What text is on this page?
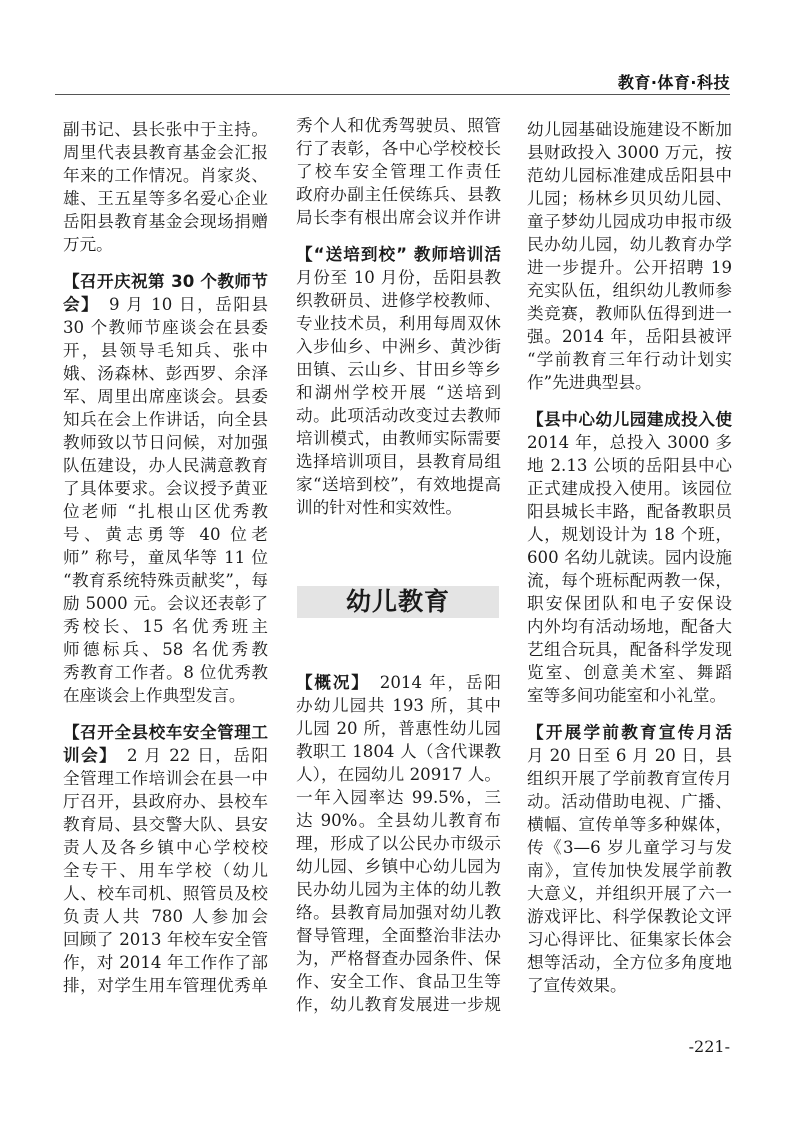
教育·体育·科技
副书记、县长张中于主持。
周里代表县教育基金会汇报
年来的工作情况。肖家炎、
雄、王五星等多名爱心企业
岳阳县教育基金会现场捐赠
万元。
【召开庆祝第 30 个教师节
会】　9 月 10 日，岳阳县
30 个教师节座谈会在县委
开，县领导毛知兵、张中
娥、汤森林、彭西罗、余泽
军、周里出席座谈会。县委
知兵在会上作讲话，向全县
教师致以节日问候，对加强
队伍建设，办人民满意教育
了具体要求。会议授予黄亚
位老师 “扎根山区优秀教
号、黄志勇等 40 位老
师” 称号，童凤华等 11 位
“教育系统特殊贡献奖”，每
励 5000 元。会议还表彰了
秀校长、15 名优秀班主
师德标兵、58 名优秀教
秀教育工作者。8 位优秀教
在座谈会上作典型发言。
【召开全县校车安全管理工
训会】　2 月 22 日，岳阳
全管理工作培训会在县一中
厅召开，县政府办、县校车
教育局、县交警大队、县安
责人及各乡镇中心学校校
全专干、用车学校（幼儿
人、校车司机、照管员及校
负责人共 780 人参加会
回顾了 2013 年校车安全管
作，对 2014 年工作作了部
排，对学生用车管理优秀单
秀个人和优秀驾驶员、照管
行了表彰，各中心学校校长
了校车安全管理工作责任
政府办副主任侯练兵、县教
局长李有根出席会议并作讲
【“送培到校” 教师培训活
月份至 10 月份，岳阳县教
织教研员、进修学校教师、
专业技术员，利用每周双休
入步仙乡、中洲乡、黄沙街
田镇、云山乡、甘田乡等乡
和湖州学校开展 “送培到
动。此项活动改变过去教师
培训模式，由教师实际需要
选择培训项目，县教育局组
家“送培到校”，有效地提高
训的针对性和实效性。
幼儿园基础设施建设不断加
县财政投入 3000 万元，按
范幼儿园标准建成岳阳县中
儿园；杨林乡贝贝幼儿园、
童子梦幼儿园成功申报市级
民办幼儿园，幼儿教育办学
进一步提升。公开招聘 19
充实队伍，组织幼儿教师参
类竞赛，教师队伍得到进一
强。2014 年，岳阳县被评
“学前教育三年行动计划实
作”先进典型县。
【县中心幼儿园建成投入使
2014 年，总投入 3000 多
地 2.13 公顷的岳阳县中心
正式建成投入使用。该园位
阳县城长丰路，配备教职员
人，规划设计为 18 个班，
600 名幼儿就读。园内设施
流，每个班标配两教一保，
职安保团队和电子安保设
内外均有活动场地，配备大
艺组合玩具，配备科学发现
览室、创意美术室、舞蹈
室等多间功能室和小礼堂。
【开展学前教育宣传月活
月 20 日至 6 月 20 日，县
组织开展了学前教育宣传月
动。活动借助电视、广播、
横幅、宣传单等多种媒体，
传《3—6 岁儿童学习与发
南》，宣传加快发展学前教
大意义，并组织开展了六一
游戏评比、科学保教论文评
习心得评比、征集家长体会
想等活动，全方位多角度地
了宣传效果。
幼儿教育
【概况】　2014 年，岳阳
办幼儿园共 193 所，其中
儿园 20 所，普惠性幼儿园
教职工 1804 人（含代课教
人），在园幼儿 20917 人。
一年入园率达 99.5%，三
达 90%。全县幼儿教育布
理，形成了以公民办市级示
幼儿园、乡镇中心幼儿园为
民办幼儿园为主体的幼儿教
络。县教育局加强对幼儿教
督导管理，全面整治非法办
为，严格督查办园条件、保
作、安全工作、食品卫生等
作，幼儿教育发展进一步规
-221-
